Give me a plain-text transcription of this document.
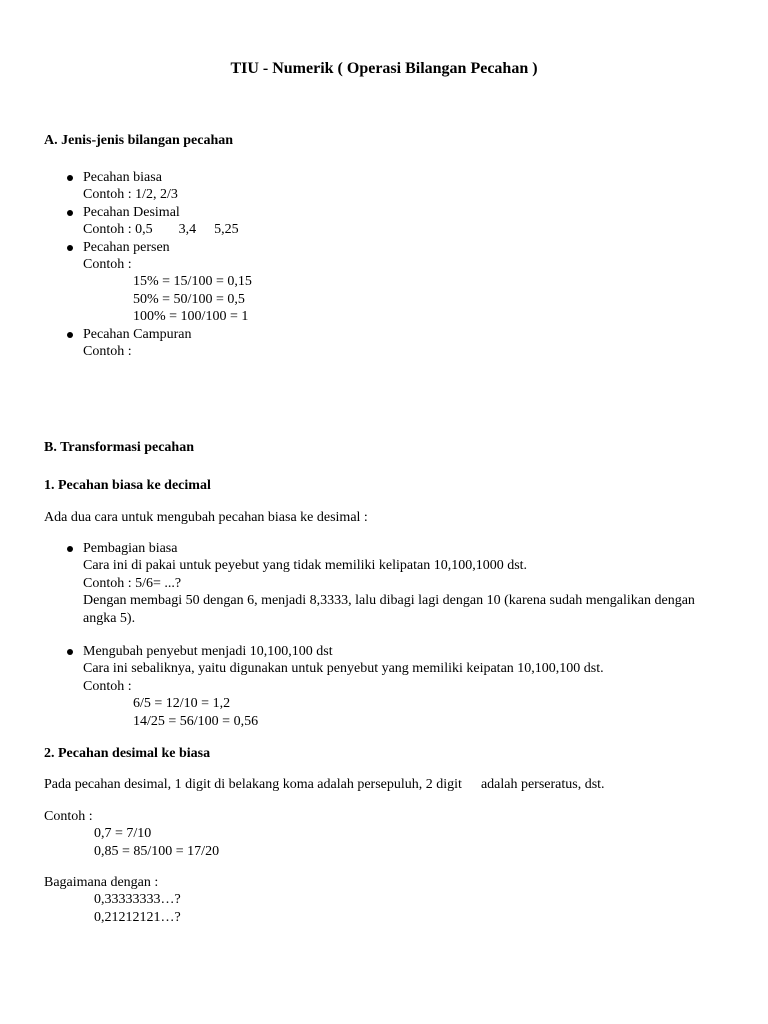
TIU - Numerik ( Operasi Bilangan Pecahan )
A. Jenis-jenis bilangan pecahan
Pecahan biasa
Contoh : 1/2, 2/3
Pecahan Desimal
Contoh : 0,5 3,4 5,25
Pecahan persen
Contoh :
15% = 15/100 = 0,15
50% = 50/100 = 0,5
100% = 100/100 = 1
Pecahan Campuran
Contoh :
B. Transformasi pecahan
1. Pecahan biasa ke decimal
Ada dua cara untuk mengubah pecahan biasa ke desimal :
Pembagian biasa
Cara ini di pakai untuk peyebut yang tidak memiliki kelipatan 10,100,1000 dst.
Contoh : 5/6= ...?
Dengan membagi 50 dengan 6, menjadi 8,3333, lalu dibagi lagi dengan 10 (karena sudah mengalikan dengan angka 5).
Mengubah penyebut menjadi 10,100,100 dst
Cara ini sebaliknya, yaitu digunakan untuk penyebut yang memiliki keipatan 10,100,100 dst.
Contoh :
6/5 = 12/10 = 1,2
14/25 = 56/100 = 0,56
2. Pecahan desimal ke biasa
Pada pecahan desimal, 1 digit di belakang koma adalah persepuluh, 2 digit adalah perseratus, dst.
Contoh :
0,7 = 7/10
0,85 = 85/100 = 17/20
Bagaimana dengan :
0,33333333…?
0,21212121…?
